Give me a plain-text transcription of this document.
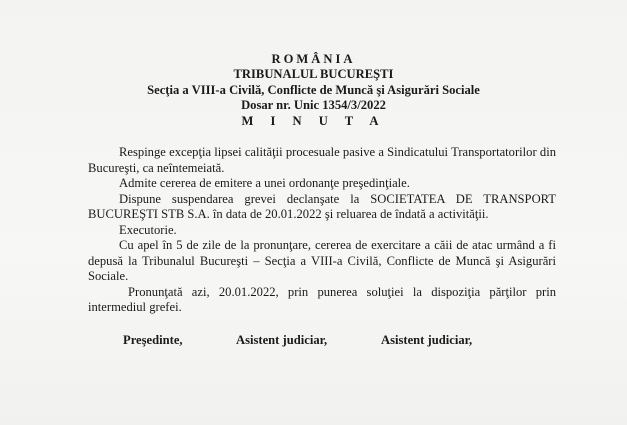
ROMÂNIA
TRIBUNALUL BUCUREŞTI
Secţia a VIII-a Civilă, Conflicte de Muncă şi Asigurări Sociale
Dosar nr. Unic 1354/3/2022
M I N U T A

Respinge excepţia lipsei calităţii procesuale pasive a Sindicatului Transportatorilor din Bucureşti, ca neîntemeiată.

Admite cererea de emitere a unei ordonanţe preşedinţiale.

Dispune suspendarea grevei declanşate la SOCIETATEA DE TRANSPORT BUCUREŞTI STB S.A. în data de 20.01.2022 şi reluarea de îndată a activităţii.

Executorie.

Cu apel în 5 de zile de la pronunţare, cererea de exercitare a căii de atac urmând a fi depusă la Tribunalul Bucureşti – Secţia a VIII-a Civilă, Conflicte de Muncă şi Asigurări Sociale.

Pronunţată azi, 20.01.2022, prin punerea soluţiei la dispoziţia părţilor prin intermediul grefei.

Preşedinte,	Asistent judiciar,	Asistent judiciar,
